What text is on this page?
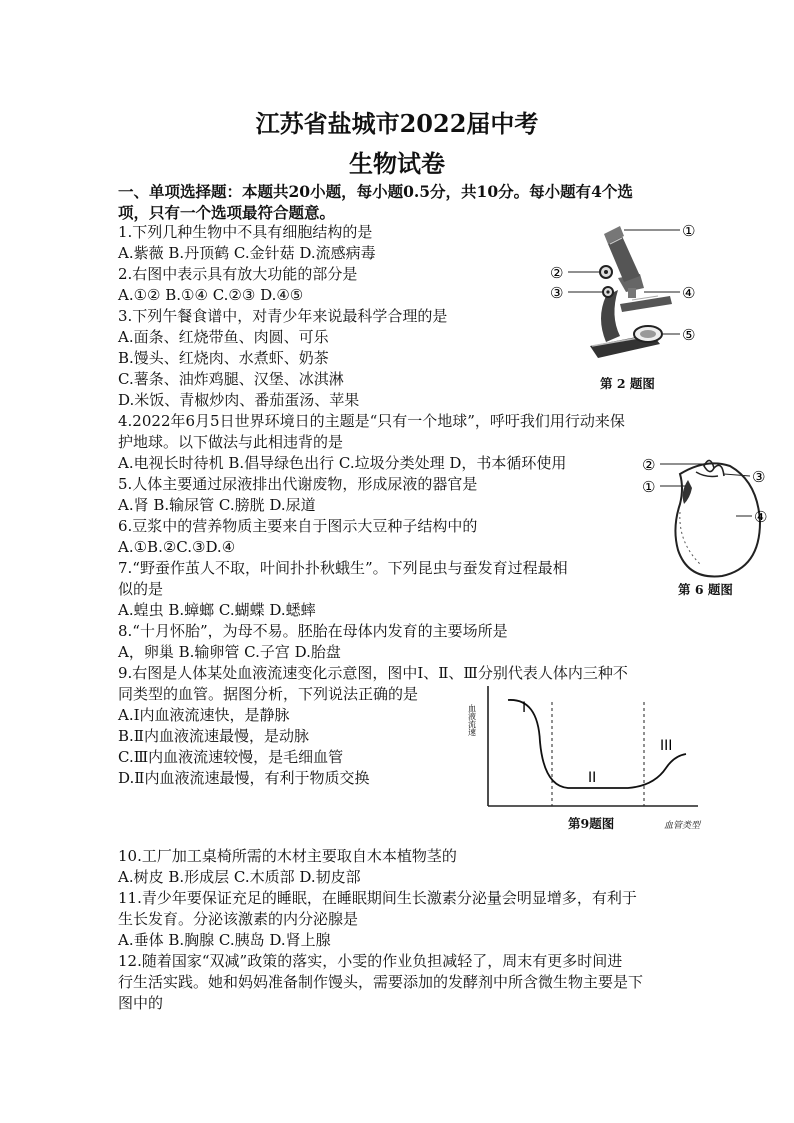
江苏省盐城市2022届中考
生物试卷
一、单项选择题：本题共20小题，每小题0.5分，共10分。每小题有4个选
项，只有一个选项最符合题意。
1.下列几种生物中不具有细胞结构的是
A.紫薇 B.丹顶鹤 C.金针菇 D.流感病毒
2.右图中表示具有放大功能的部分是
A.①② B.①④ C.②③ D.④⑤
3.下列午餐食谱中，对青少年来说最科学合理的是
A.面条、红烧带鱼、肉圆、可乐
B.馒头、红烧肉、水煮虾、奶茶
C.薯条、油炸鸡腿、汉堡、冰淇淋
D.米饭、青椒炒肉、番茄蛋汤、苹果
4.2022年6月5日世界环境日的主题是“只有一个地球”，呼吁我们用行动来保
护地球。以下做法与此相违背的是
A.电视长时待机 B.倡导绿色出行 C.垃圾分类处理 D，书本循环使用
5.人体主要通过尿液排出代谢废物，形成尿液的器官是
A.肾 B.输尿管 C.膀胱 D.尿道
6.豆浆中的营养物质主要来自于图示大豆种子结构中的
A.①B.②C.③D.④
7.“野蚕作茧人不取，叶间扑扑秋蛾生”。下列昆虫与蚕发育过程最相
似的是
A.蝗虫 B.蟑螂 C.蝴蝶 D.蟋蟀
8.“十月怀胎”，为母不易。胚胎在母体内发育的主要场所是
A，卵巢 B.输卵管 C.子宫 D.胎盘
9.右图是人体某处血液流速变化示意图，图中Ⅰ、Ⅱ、Ⅲ分别代表人体内三种不
同类型的血管。据图分析，下列说法正确的是
A.Ⅰ内血液流速快，是静脉
B.Ⅱ内血液流速最慢，是动脉
C.Ⅲ内血液流速较慢，是毛细血管
D.Ⅱ内血液流速最慢，有利于物质交换
10.工厂加工桌椅所需的木材主要取自木本植物茎的
A.树皮 B.形成层 C.木质部 D.韧皮部
11.青少年要保证充足的睡眠，在睡眠期间生长激素分泌量会明显增多，有利于
生长发育。分泌该激素的内分泌腺是
A.垂体 B.胸腺 C.胰岛 D.肾上腺
12.随着国家“双减”政策的落实，小雯的作业负担减轻了，周末有更多时间进
行生活实践。她和妈妈准备制作馒头，需要添加的发酵剂中所含微生物主要是下
图中的
①
②
③	④
⑤
第 2 题图
②
①
③
④
第 6 题图
血液流速	I
II
III
第9题图	血管类型
